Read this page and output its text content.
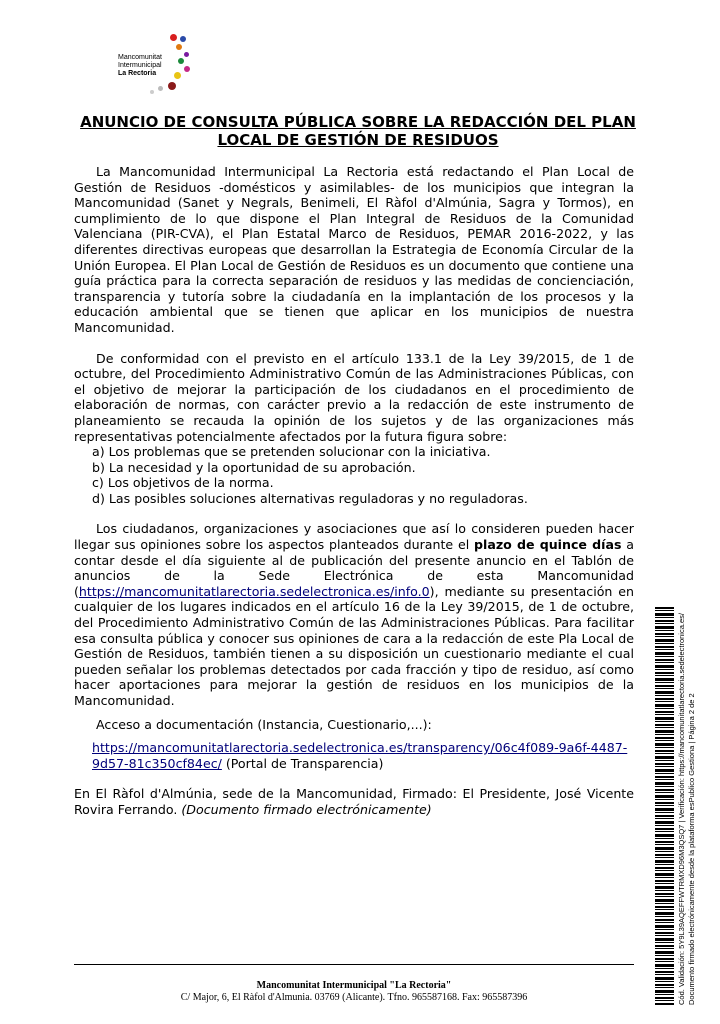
Mancomunitat
Intermunicipal
La Rectoria
ANUNCIO DE CONSULTA PÚBLICA SOBRE LA REDACCIÓN DEL PLAN LOCAL DE GESTIÓN DE RESIDUOS

La Mancomunidad Intermunicipal La Rectoria está redactando el Plan Local de Gestión de Residuos -domésticos y asimilables- de los municipios que integran la Mancomunidad (Sanet y Negrals, Benimeli, El Ràfol d'Almúnia, Sagra y Tormos), en cumplimiento de lo que dispone el Plan Integral de Residuos de la Comunidad Valenciana (PIR-CVA), el Plan Estatal Marco de Residuos, PEMAR 2016-2022, y las diferentes directivas europeas que desarrollan la Estrategia de Economía Circular de la Unión Europea. El Plan Local de Gestión de Residuos es un documento que contiene una guía práctica para la correcta separación de residuos y las medidas de concienciación, transparencia y tutoría sobre la ciudadanía en la implantación de los procesos y la educación ambiental que se tienen que aplicar en los municipios de nuestra Mancomunidad.

De conformidad con el previsto en el artículo 133.1 de la Ley 39/2015, de 1 de octubre, del Procedimiento Administrativo Común de las Administraciones Públicas, con el objetivo de mejorar la participación de los ciudadanos en el procedimiento de elaboración de normas, con carácter previo a la redacción de este instrumento de planeamiento se recauda la opinión de los sujetos y de las organizaciones más representativas potencialmente afectados por la futura figura sobre:

a) Los problemas que se pretenden solucionar con la iniciativa.
b) La necesidad y la oportunidad de su aprobación.
c) Los objetivos de la norma.
d) Las posibles soluciones alternativas reguladoras y no reguladoras.

Los ciudadanos, organizaciones y asociaciones que así lo consideren pueden hacer llegar sus opiniones sobre los aspectos planteados durante el plazo de quince días a contar desde el día siguiente al de publicación del presente anuncio en el Tablón de anuncios de la Sede Electrónica de esta Mancomunidad (https://mancomunitatlarectoria.sedelectronica.es/info.0), mediante su presentación en cualquier de los lugares indicados en el artículo 16 de la Ley 39/2015, de 1 de octubre, del Procedimiento Administrativo Común de las Administraciones Públicas. Para facilitar esa consulta pública y conocer sus opiniones de cara a la redacción de este Pla Local de Gestión de Residuos, también tienen a su disposición un cuestionario mediante el cual pueden señalar los problemas detectados por cada fracción y tipo de residuo, así como hacer aportaciones para mejorar la gestión de residuos en los municipios de la Mancomunidad.

Acceso a documentación (Instancia, Cuestionario,...):

https://mancomunitatlarectoria.sedelectronica.es/transparency/06c4f089-9a6f-4487-9d57-81c350cf84ec/ (Portal de Transparencia)

En El Ràfol d'Almúnia, sede de la Mancomunidad, Firmado: El Presidente, José Vicente Rovira Ferrando. (Documento firmado electrónicamente)

Mancomunitat Intermunicipal "La Rectoria"
C/ Major, 6, El Ràfol d'Almunia. 03769 (Alicante). Tfno. 965587168. Fax: 965587396	Cód. Validación: 5Y9L39AQEFFWTRMXD96M3QSQ7 | Verificación: https://mancomunitatlarectoria.sedelectronica.es/ Documento firmado electrónicamente desde la plataforma esPublico Gestiona | Página 2 de 2
